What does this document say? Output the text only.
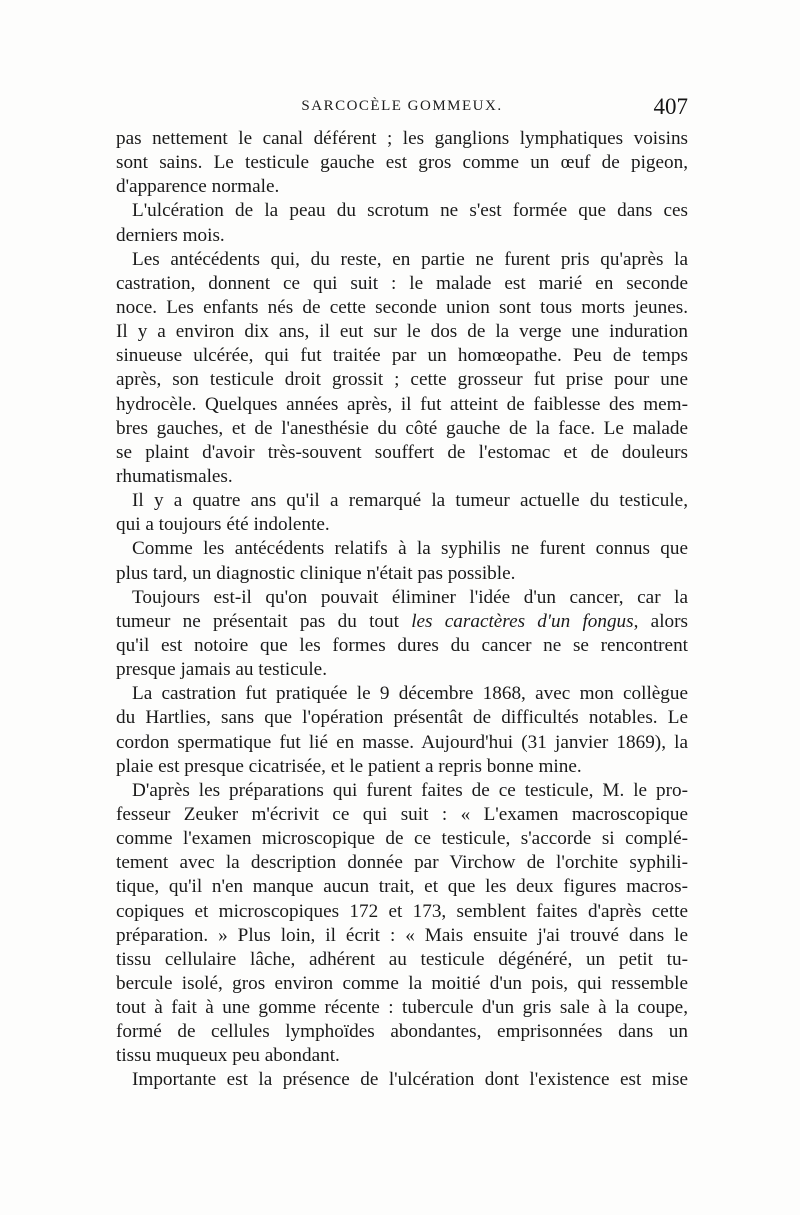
SARCOCÈLE GOMMEUX.	407
pas nettement le canal déférent ; les ganglions lymphatiques voisins
sont sains. Le testicule gauche est gros comme un œuf de pigeon,
d'apparence normale.
L'ulcération de la peau du scrotum ne s'est formée que dans ces
derniers mois.
Les antécédents qui, du reste, en partie ne furent pris qu'après la
castration, donnent ce qui suit : le malade est marié en seconde
noce. Les enfants nés de cette seconde union sont tous morts jeunes.
Il y a environ dix ans, il eut sur le dos de la verge une induration
sinueuse ulcérée, qui fut traitée par un homœopathe. Peu de temps
après, son testicule droit grossit ; cette grosseur fut prise pour une
hydrocèle. Quelques années après, il fut atteint de faiblesse des mem-
bres gauches, et de l'anesthésie du côté gauche de la face. Le malade
se plaint d'avoir très-souvent souffert de l'estomac et de douleurs
rhumatismales.
Il y a quatre ans qu'il a remarqué la tumeur actuelle du testicule,
qui a toujours été indolente.
Comme les antécédents relatifs à la syphilis ne furent connus que
plus tard, un diagnostic clinique n'était pas possible.
Toujours est-il qu'on pouvait éliminer l'idée d'un cancer, car la
tumeur ne présentait pas du tout les caractères d'un fongus, alors
qu'il est notoire que les formes dures du cancer ne se rencontrent
presque jamais au testicule.
La castration fut pratiquée le 9 décembre 1868, avec mon collègue
du Hartlies, sans que l'opération présentât de difficultés notables. Le
cordon spermatique fut lié en masse. Aujourd'hui (31 janvier 1869), la
plaie est presque cicatrisée, et le patient a repris bonne mine.
D'après les préparations qui furent faites de ce testicule, M. le pro-
fesseur Zeuker m'écrivit ce qui suit : « L'examen macroscopique
comme l'examen microscopique de ce testicule, s'accorde si complé-
tement avec la description donnée par Virchow de l'orchite syphili-
tique, qu'il n'en manque aucun trait, et que les deux figures macros-
copiques et microscopiques 172 et 173, semblent faites d'après cette
préparation. » Plus loin, il écrit : « Mais ensuite j'ai trouvé dans le
tissu cellulaire lâche, adhérent au testicule dégénéré, un petit tu-
bercule isolé, gros environ comme la moitié d'un pois, qui ressemble
tout à fait à une gomme récente : tubercule d'un gris sale à la coupe,
formé de cellules lymphoïdes abondantes, emprisonnées dans un
tissu muqueux peu abondant.
Importante est la présence de l'ulcération dont l'existence est mise
